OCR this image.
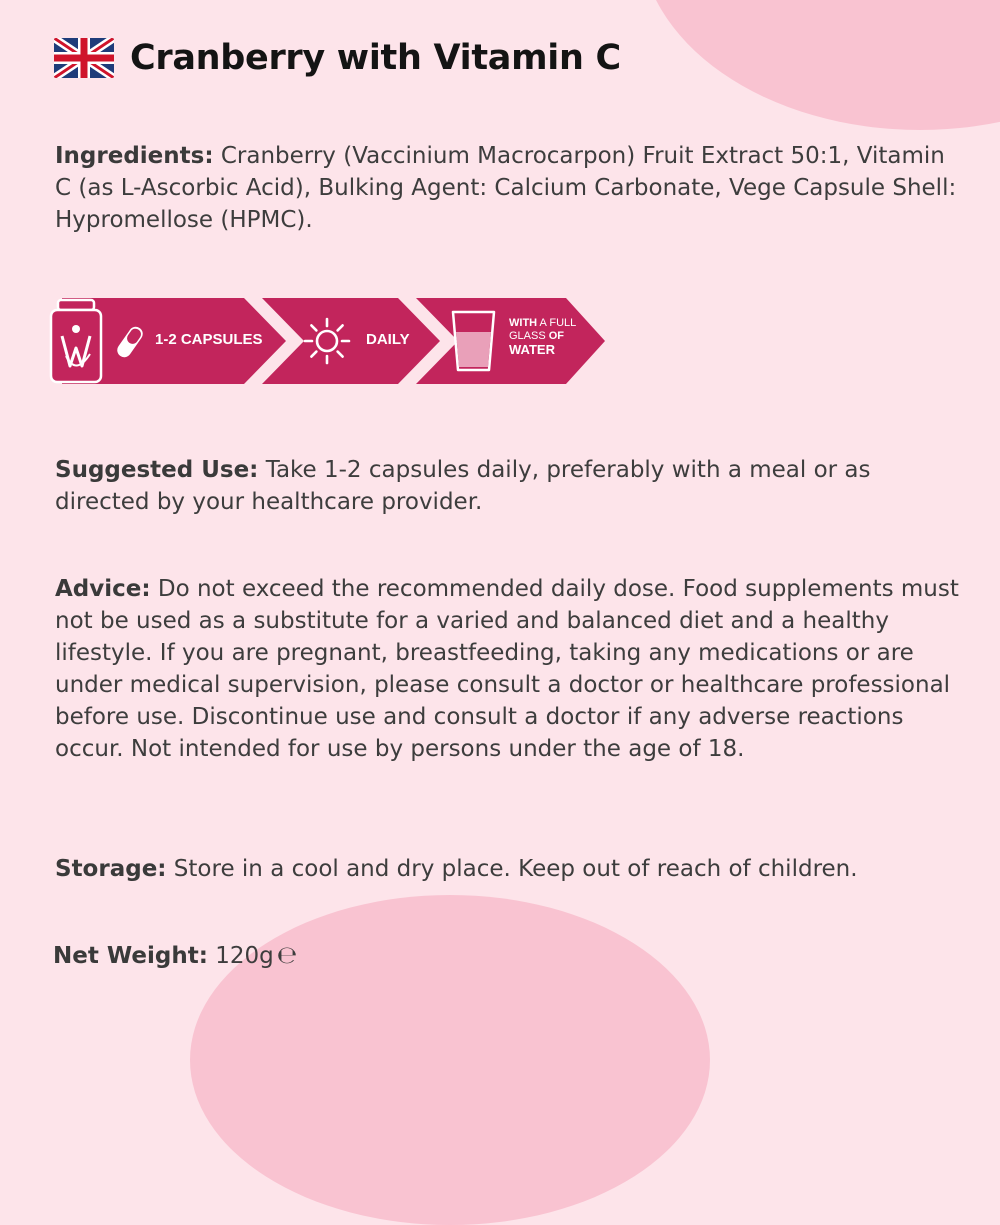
Cranberry with Vitamin C
Ingredients: Cranberry (Vaccinium Macrocarpon) Fruit Extract 50:1, Vitamin C (as L-Ascorbic Acid), Bulking Agent: Calcium Carbonate, Vege Capsule Shell: Hypromellose (HPMC).
1-2 CAPSULES	DAILY
WITH A FULL
GLASS OF
WATER
Suggested Use: Take 1-2 capsules daily, preferably with a meal or as directed by your healthcare provider.
Advice: Do not exceed the recommended daily dose. Food supplements must not be used as a substitute for a varied and balanced diet and a healthy lifestyle. If you are pregnant, breastfeeding, taking any medications or are under medical supervision, please consult a doctor or healthcare professional before use. Discontinue use and consult a doctor if any adverse reactions occur. Not intended for use by persons under the age of 18.
Storage: Store in a cool and dry place. Keep out of reach of children.
Net Weight: 120g ℮
